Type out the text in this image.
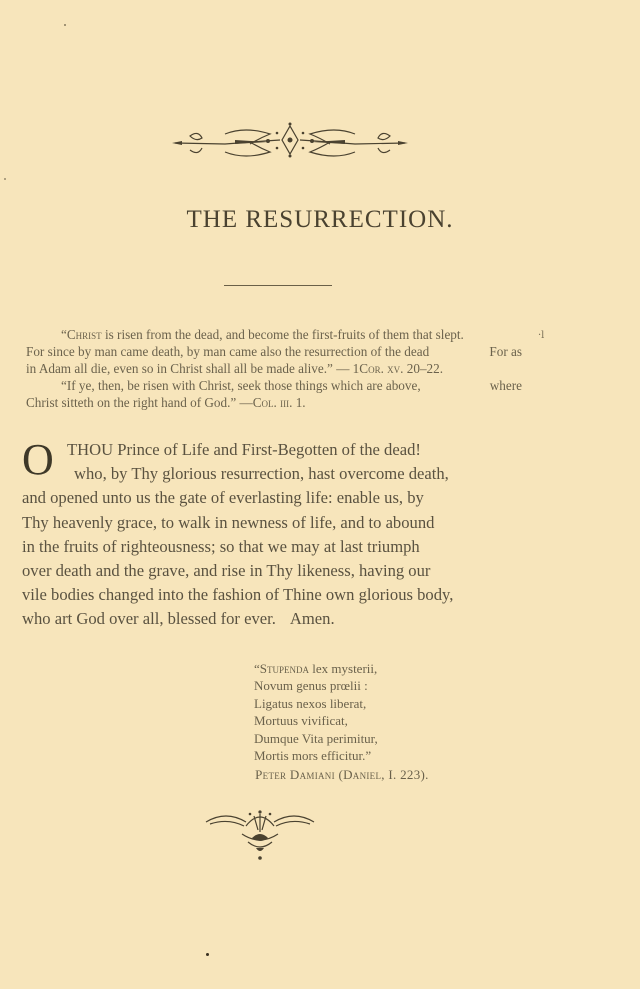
THE RESURRECTION.
“Christ is risen from the dead, and become the first-fruits of them that slept.
For since by man came death, by man came also the resurrection of the dead	For as
in Adam all die, even so in Christ shall all be made alive.” — 1 Cor. xv. 20–22.
“If ye, then, be risen with Christ, seek those things which are above,	where
Christ sitteth on the right hand of God.” — Col. iii. 1.
·l
O THOU Prince of Life and First-Begotten of the dead!
who, by Thy glorious resurrection, hast overcome death,
and opened unto us the gate of everlasting life: enable us, by
Thy heavenly grace, to walk in newness of life, and to abound
in the fruits of righteousness; so that we may at last triumph
over death and the grave, and rise in Thy likeness, having our
vile bodies changed into the fashion of Thine own glorious body,
who art God over all, blessed for ever. Amen.
“Stupenda lex mysterii,
Novum genus prœlii :
Ligatus nexos liberat,
Mortuus vivificat,
Dumque Vita perimitur,
Mortis mors efficitur.”
Peter Damiani (Daniel, I. 223).
